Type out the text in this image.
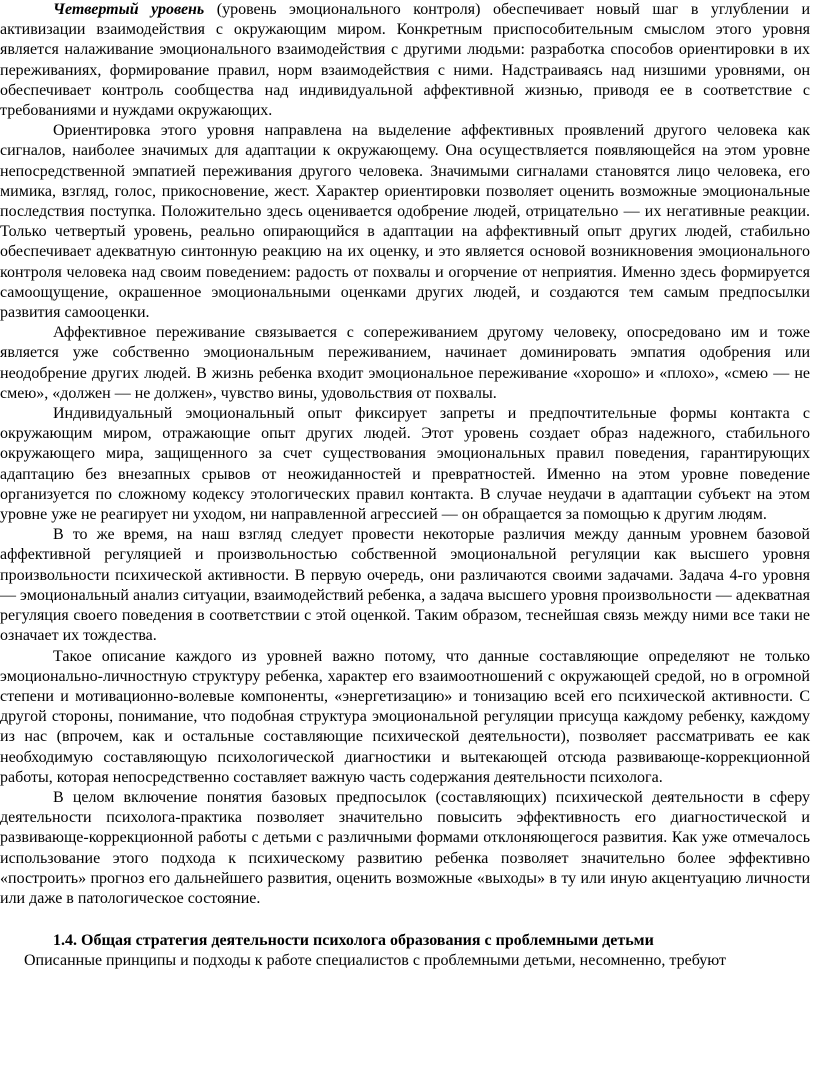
Четвертый уровень (уровень эмоционального контроля) обеспечивает новый шаг в углублении и активизации взаимодействия с окружающим миром. Конкретным приспособительным смыслом этого уровня является налаживание эмоционального взаимодействия с другими людьми: разработка способов ориентировки в их переживаниях, формирование правил, норм взаимодействия с ними. Надстраиваясь над низшими уровнями, он обеспечивает контроль сообщества над индивидуальной аффективной жизнью, приводя ее в соответствие с требованиями и нуждами окружающих.

Ориентировка этого уровня направлена на выделение аффективных проявлений другого человека как сигналов, наиболее значимых для адаптации к окружающему. Она осуществляется появляющейся на этом уровне непосредственной эмпатией переживания другого человека. Значимыми сигналами становятся лицо человека, его мимика, взгляд, голос, прикосновение, жест. Характер ориентировки позволяет оценить возможные эмоциональные последствия поступка. Положительно здесь оценивается одобрение людей, отрицательно — их негативные реакции. Только четвертый уровень, реально опирающийся в адаптации на аффективный опыт других людей, стабильно обеспечивает адекватную синтонную реакцию на их оценку, и это является основой возникновения эмоционального контроля человека над своим поведением: радость от похвалы и огорчение от неприятия. Именно здесь формируется самоощущение, окрашенное эмоциональными оценками других людей, и создаются тем самым предпосылки развития самооценки.

Аффективное переживание связывается с сопереживанием другому человеку, опосредовано им и тоже является уже собственно эмоциональным переживанием, начинает доминировать эмпатия одобрения или неодобрение других людей. В жизнь ребенка входит эмоциональное переживание «хорошо» и «плохо», «смею — не смею», «должен — не должен», чувство вины, удовольствия от похвалы.

Индивидуальный эмоциональный опыт фиксирует запреты и предпочтительные формы контакта с окружающим миром, отражающие опыт других людей. Этот уровень создает образ надежного, стабильного окружающего мира, защищенного за счет существования эмоциональных правил поведения, гарантирующих адаптацию без внезапных срывов от неожиданностей и превратностей. Именно на этом уровне поведение организуется по сложному кодексу этологических правил контакта. В случае неудачи в адаптации субъект на этом уровне уже не реагирует ни уходом, ни направленной агрессией — он обращается за помощью к другим людям.

В то же время, на наш взгляд следует провести некоторые различия между данным уровнем базовой аффективной регуляцией и произвольностью собственной эмоциональной регуляции как высшего уровня произвольности психической активности. В первую очередь, они различаются своими задачами. Задача 4-го уровня — эмоциональный анализ ситуации, взаимодействий ребенка, а задача высшего уровня произвольности — адекватная регуляция своего поведения в соответствии с этой оценкой. Таким образом, теснейшая связь между ними все таки не означает их тождества.

Такое описание каждого из уровней важно потому, что данные составляющие определяют не только эмоционально-личностную структуру ребенка, характер его взаимоотношений с окружающей средой, но в огромной степени и мотивационно-волевые компоненты, «энергетизацию» и тонизацию всей его психической активности. С другой стороны, понимание, что подобная структура эмоциональной регуляции присуща каждому ребенку, каждому из нас (впрочем, как и остальные составляющие психической деятельности), позволяет рассматривать ее как необходимую составляющую психологической диагностики и вытекающей отсюда развивающе-коррекционной работы, которая непосредственно составляет важную часть содержания деятельности психолога.

В целом включение понятия базовых предпосылок (составляющих) психической деятельности в сферу деятельности психолога-практика позволяет значительно повысить эффективность его диагностической и развивающе-коррекционной работы с детьми с различными формами отклоняющегося развития. Как уже отмечалось использование этого подхода к психическому развитию ребенка позволяет значительно более эффективно «построить» прогноз его дальнейшего развития, оценить возможные «выходы» в ту или иную акцентуацию личности или даже в патологическое состояние.

1.4. Общая стратегия деятельности психолога образования с проблемными детьми

Описанные принципы и подходы к работе специалистов с проблемными детьми, несомненно, требуют
